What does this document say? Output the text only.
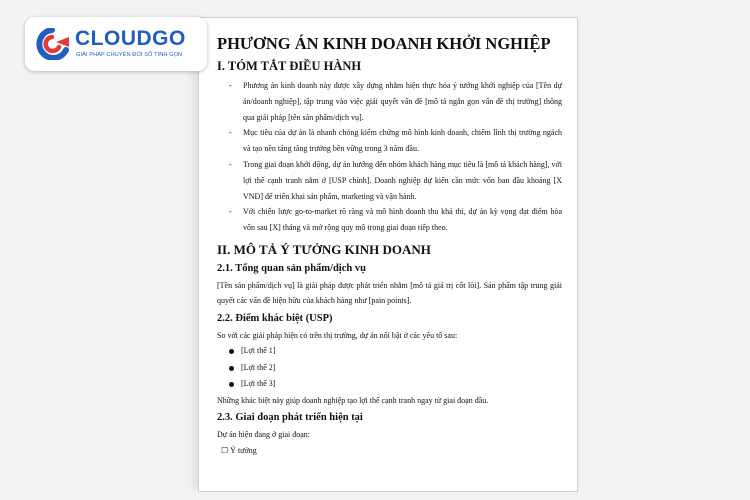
PHƯƠNG ÁN KINH DOANH KHỞI NGHIỆP
I. TÓM TẮT ĐIỀU HÀNH
- Phương án kinh doanh này được xây dựng nhằm hiện thực hóa ý tưởng khởi nghiệp của [Tên dự án/doanh nghiệp], tập trung vào việc giải quyết vấn đề [mô tả ngắn gọn vấn đề thị trường] thông qua giải pháp [tên sản phẩm/dịch vụ].
- Mục tiêu của dự án là nhanh chóng kiểm chứng mô hình kinh doanh, chiếm lĩnh thị trường ngách và tạo nền tảng tăng trưởng bền vững trong 3 năm đầu.
- Trong giai đoạn khởi động, dự án hướng đến nhóm khách hàng mục tiêu là [mô tả khách hàng], với lợi thế cạnh tranh nằm ở [USP chính]. Doanh nghiệp dự kiến cần mức vốn ban đầu khoảng [X VNĐ] để triển khai sản phẩm, marketing và vận hành.
- Với chiến lược go-to-market rõ ràng và mô hình doanh thu khả thi, dự án kỳ vọng đạt điểm hòa vốn sau [X] tháng và mở rộng quy mô trong giai đoạn tiếp theo.
II. MÔ TẢ Ý TƯỞNG KINH DOANH
2.1. Tổng quan sản phẩm/dịch vụ

[Tên sản phẩm/dịch vụ] là giải pháp được phát triển nhằm [mô tả giá trị cốt lõi]. Sản phẩm tập trung giải quyết các vấn đề hiện hữu của khách hàng như [pain points].

2.2. Điểm khác biệt (USP)

So với các giải pháp hiện có trên thị trường, dự án nổi bật ở các yếu tố sau:

[Lợi thế 1]
[Lợi thế 2]
[Lợi thế 3]

Những khác biệt này giúp doanh nghiệp tạo lợi thế cạnh tranh ngay từ giai đoạn đầu.

2.3. Giai đoạn phát triển hiện tại

Dự án hiện đang ở giai đoạn:

☐ Ý tưởng
CLOUDGO
GIẢI PHÁP CHUYỂN ĐỔI SỐ TINH GỌN
